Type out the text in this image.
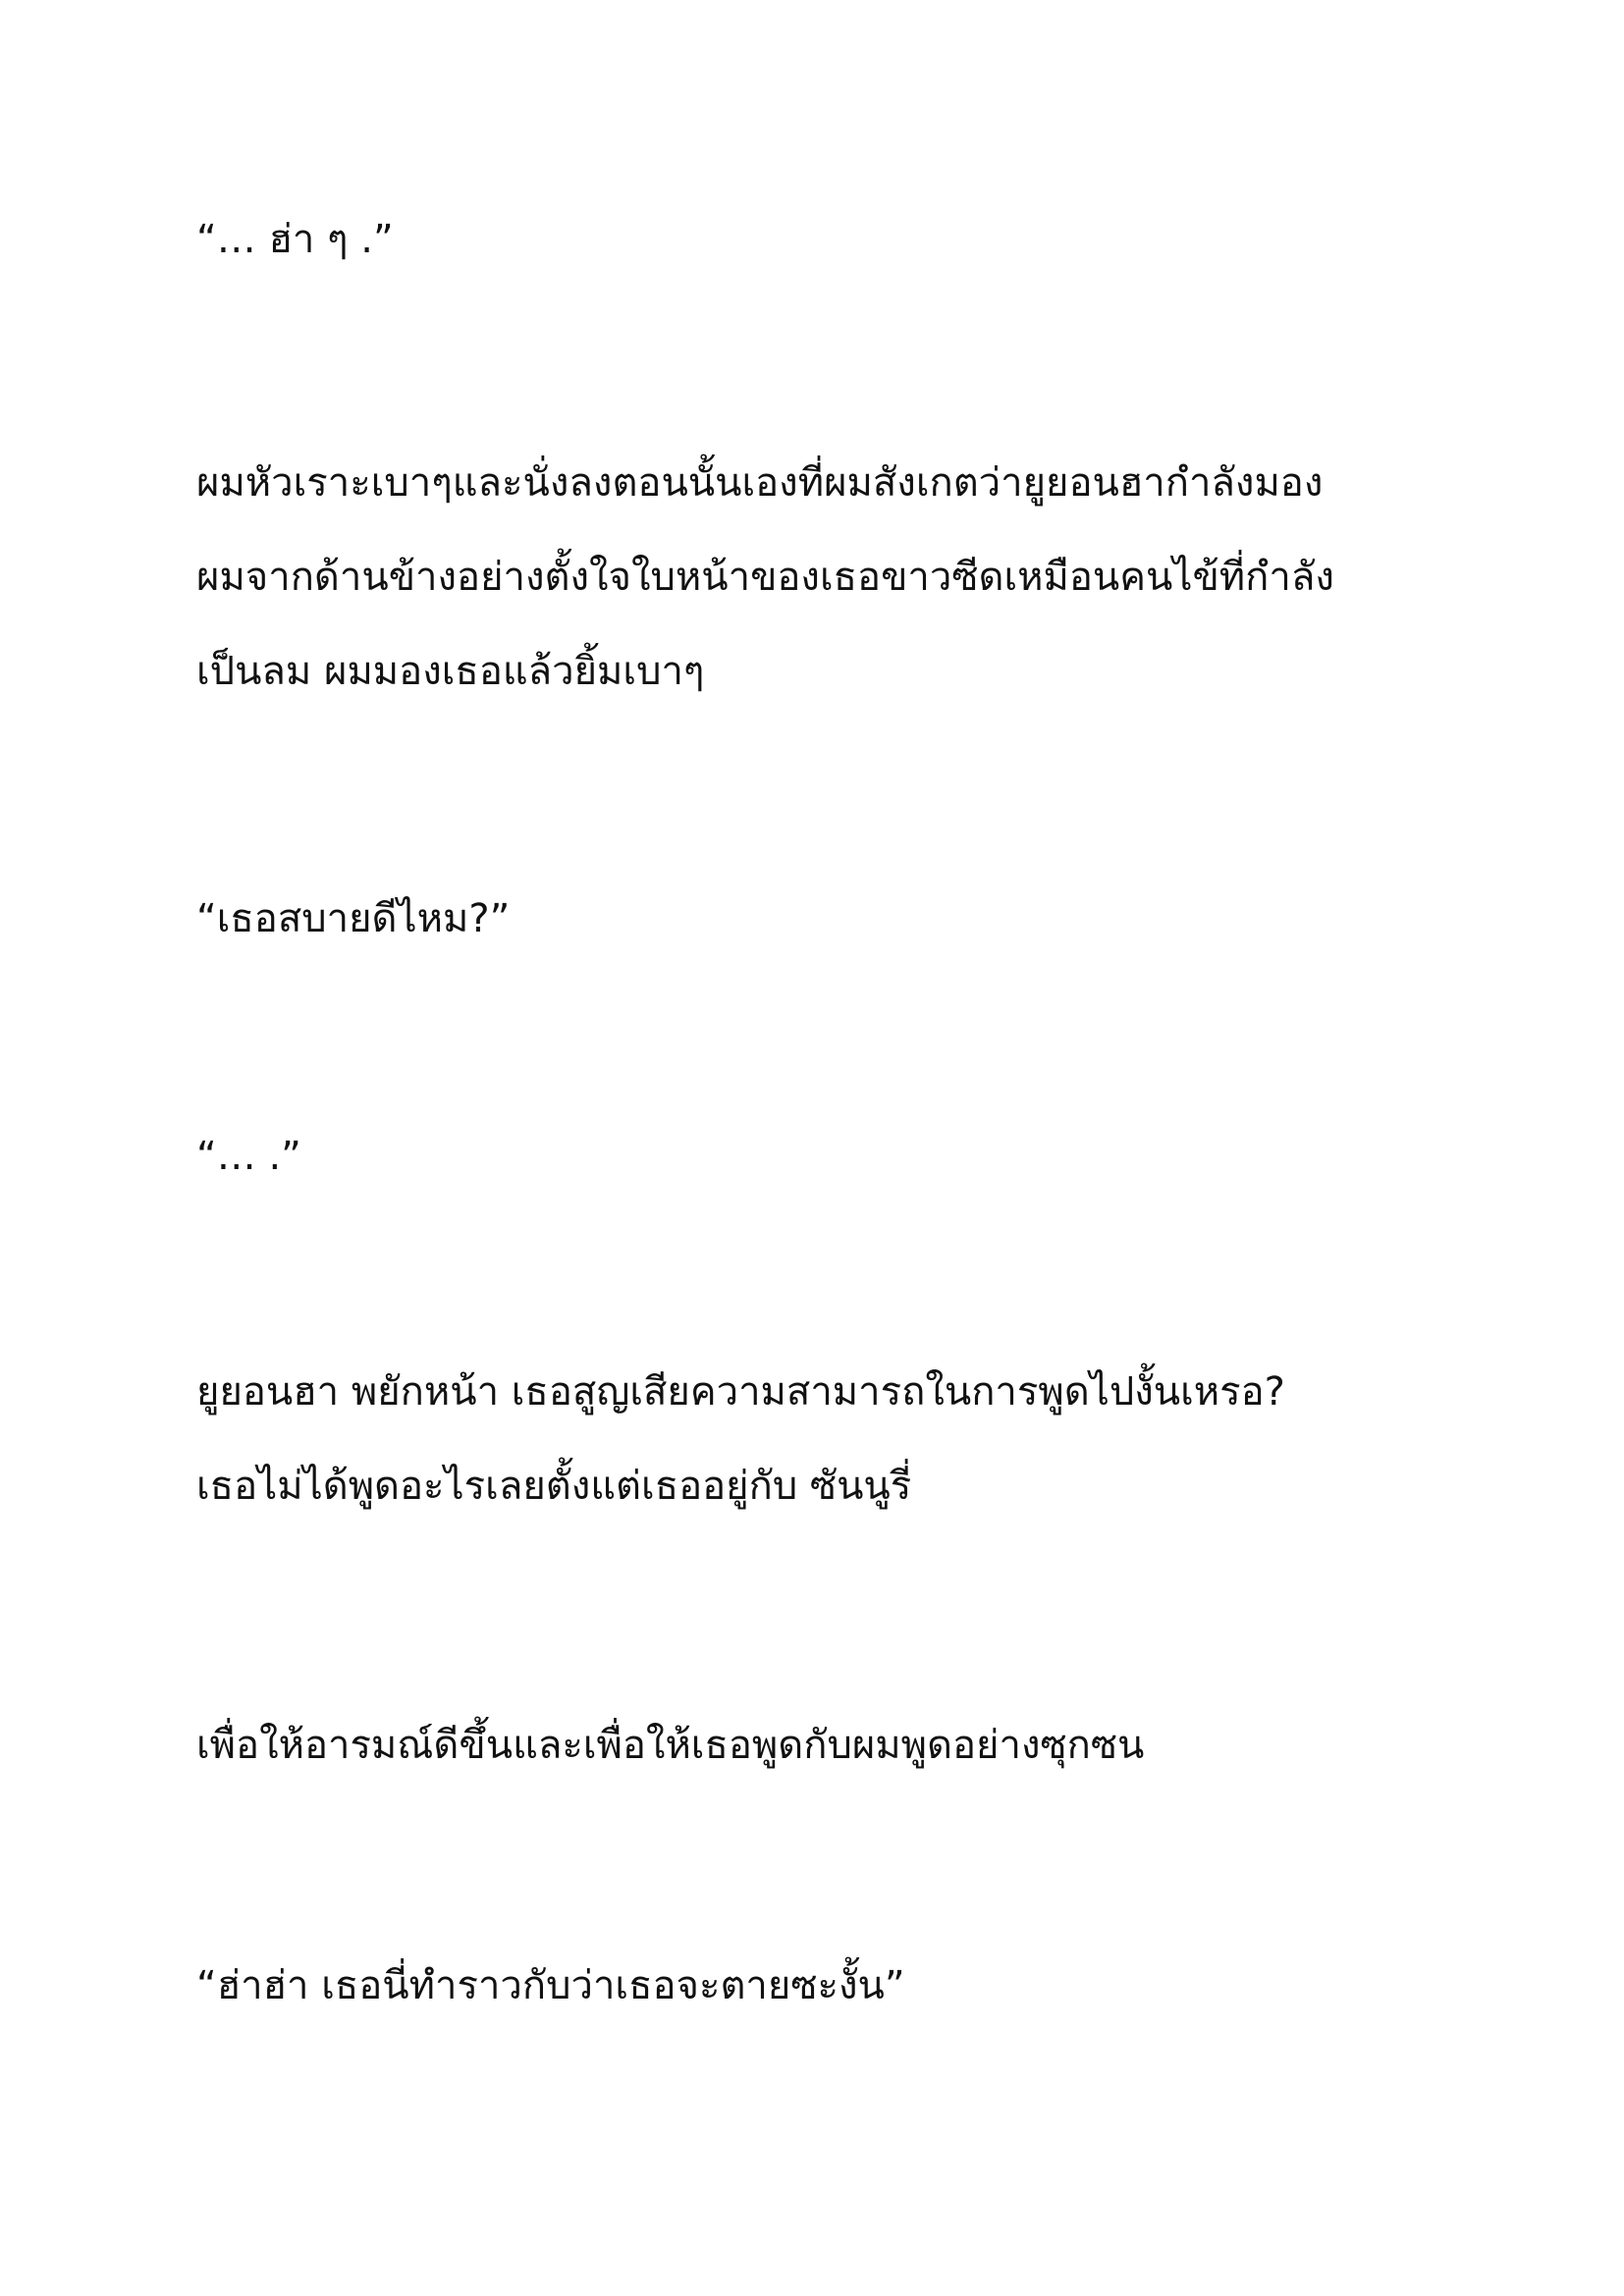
“… ฮ่า ๆ .”

ผมหัวเราะเบาๆและนั่งลงตอนนั้นเองที่ผมสังเกตว่ายูยอนฮากำลังมอง
ผมจากด้านข้างอย่างตั้งใจใบหน้าของเธอขาวซีดเหมือนคนไข้ที่กำลัง
เป็นลม ผมมองเธอแล้วยิ้มเบาๆ

“เธอสบายดีไหม?”

“… .”

ยูยอนฮา พยักหน้า เธอสูญเสียความสามารถในการพูดไปงั้นเหรอ?
เธอไม่ได้พูดอะไรเลยตั้งแต่เธออยู่กับ ซันนูรี่

เพื่อให้อารมณ์ดีขึ้นและเพื่อให้เธอพูดกับผมพูดอย่างซุกซน

“ฮ่าฮ่า เธอนี่ทำราวกับว่าเธอจะตายซะงั้น”
